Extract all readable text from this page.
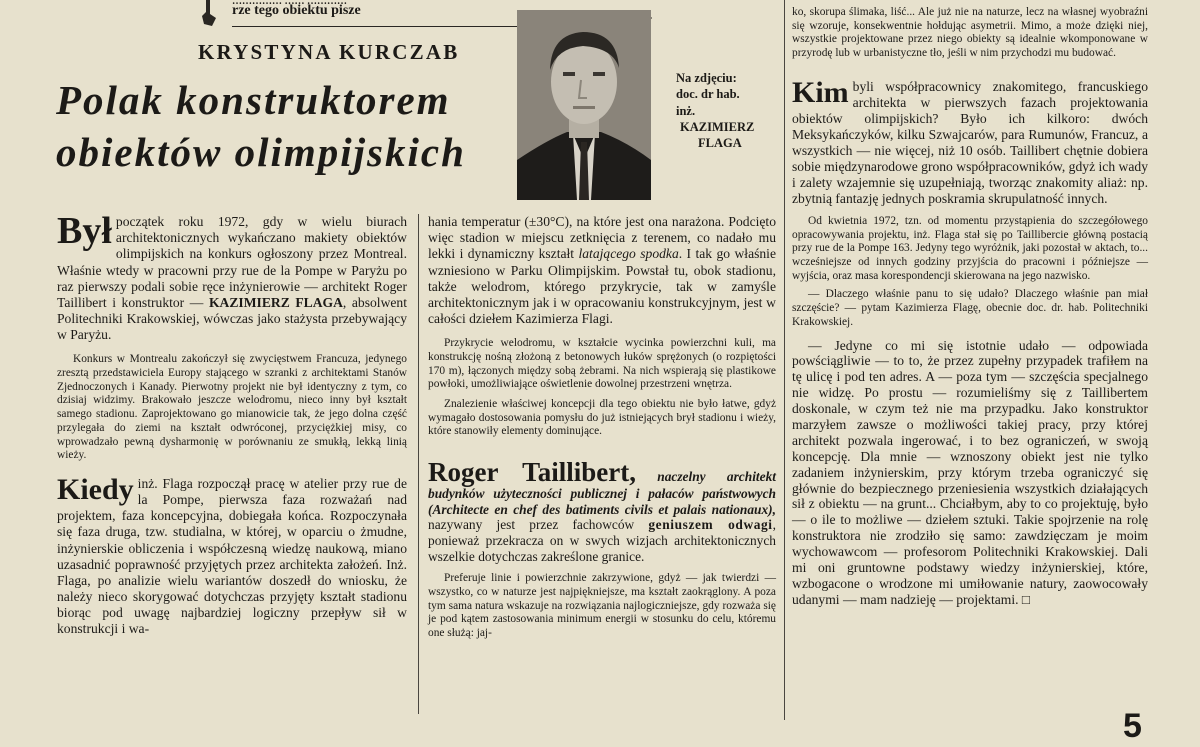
rze tego obiektu pisze
KRYSTYNA KURCZAB
Polak konstruktorem
obiektów olimpijskich
Na zdjęciu:
doc. dr hab.
inż.
KAZIMIERZ
FLAGA

Był początek roku 1972, gdy w wielu biurach architektonicznych wykańczano makiety obiektów olimpijskich na konkurs ogłoszony przez Montreal. Właśnie wtedy w pracowni przy rue de la Pompe w Paryżu po raz pierwszy podali sobie ręce inżynierowie — architekt Roger Taillibert i konstruktor — KAZIMIERZ FLAGA, absolwent Politechniki Krakowskiej, wówczas jako stażysta przebywający w Paryżu.

Konkurs w Montrealu zakończył się zwycięstwem Francuza, jedynego zresztą przedstawiciela Europy stającego w szranki z architektami Stanów Zjednoczonych i Kanady. Pierwotny projekt nie był identyczny z tym, co dzisiaj widzimy. Brakowało jeszcze welodromu, nieco inny był kształt samego stadionu. Zaprojektowano go mianowicie tak, że jego dolna część przylegała do ziemi na kształt odwróconej, przyciężkiej misy, co wprowadzało pewną dysharmonię w porównaniu ze smukłą, lekką linią wieży.

Kiedy inż. Flaga rozpoczął pracę w atelier przy rue de la Pompe, pierwsza faza rozważań nad projektem, faza koncepcyjna, dobiegała końca. Rozpoczynała się faza druga, tzw. studialna, w której, w oparciu o żmudne, inżynierskie obliczenia i współczesną wiedzę naukową, miano uzasadnić poprawność przyjętych przez architekta założeń. Inż. Flaga, po analizie wielu wariantów doszedł do wniosku, że należy nieco skorygować dotychczas przyjęty kształt stadionu biorąc pod uwagę najbardziej logiczny przepływ sił w konstrukcji i wa-

hania temperatur (±30°C), na które jest ona narażona. Podcięto więc stadion w miejscu zetknięcia z terenem, co nadało mu lekki i dynamiczny kształt latającego spodka. I tak go właśnie wzniesiono w Parku Olimpijskim. Powstał tu, obok stadionu, także welodrom, którego przykrycie, tak w zamyśle architektonicznym jak i w opracowaniu konstrukcyjnym, jest w całości dziełem Kazimierza Flagi.

Przykrycie welodromu, w kształcie wycinka powierzchni kuli, ma konstrukcję nośną złożoną z betonowych łuków sprężonych (o rozpiętości 170 m), łączonych między sobą żebrami. Na nich wspierają się plastikowe powłoki, umożliwiające oświetlenie dowolnej przestrzeni wnętrza.

Znalezienie właściwej koncepcji dla tego obiektu nie było łatwe, gdyż wymagało dostosowania pomysłu do już istniejących brył stadionu i wieży, które stanowiły elementy dominujące.

Roger Taillibert, naczelny architekt budynków użyteczności publicznej i pałaców państwowych (Architecte en chef des batiments civils et palais nationaux), nazywany jest przez fachowców geniuszem odwagi, ponieważ przekracza on w swych wizjach architektonicznych wszelkie dotychczas zakreślone granice.

Preferuje linie i powierzchnie zakrzywione, gdyż — jak twierdzi — wszystko, co w naturze jest najpiękniejsze, ma kształt zaokrąglony. A poza tym sama natura wskazuje na rozwiązania najlogiczniejsze, gdy rozważa się je pod kątem zastosowania minimum energii w stosunku do celu, któremu one służą: jaj-

ko, skorupa ślimaka, liść... Ale już nie na naturze, lecz na własnej wyobraźni się wzoruje, konsekwentnie hołdując asymetrii. Mimo, a może dzięki niej, wszystkie projektowane przez niego obiekty są idealnie wkomponowane w przyrodę lub w urbanistyczne tło, jeśli w nim przychodzi mu budować.

Kim byli współpracownicy znakomitego, francuskiego architekta w pierwszych fazach projektowania obiektów olimpijskich? Było ich kilkoro: dwóch Meksykańczyków, kilku Szwajcarów, para Rumunów, Francuz, a wszystkich — nie więcej, niż 10 osób. Taillibert chętnie dobiera sobie międzynarodowe grono współpracowników, gdyż ich wady i zalety wzajemnie się uzupełniają, tworząc znakomity aliaż: np. zbytnią fantazję jednych poskramia skrupulatność innych.

Od kwietnia 1972, tzn. od momentu przystąpienia do szczegółowego opracowywania projektu, inż. Flaga stał się po Taillibercie główną postacią przy rue de la Pompe 163. Jedyny tego wyróżnik, jaki pozostał w aktach, to... wcześniejsze od innych godziny przyjścia do pracowni i późniejsze — wyjścia, oraz masa korespondencji skierowana na jego nazwisko.

— Dlaczego właśnie panu to się udało? Dlaczego właśnie pan miał szczęście? — pytam Kazimierza Flagę, obecnie doc. dr. hab. Politechniki Krakowskiej.

— Jedyne co mi się istotnie udało — odpowiada powściągliwie — to to, że przez zupełny przypadek trafiłem na tę ulicę i pod ten adres. A — poza tym — szczęścia specjalnego nie widzę. Po prostu — rozumieliśmy się z Taillibertem doskonale, w czym też nie ma przypadku. Jako konstruktor marzyłem zawsze o możliwości takiej pracy, przy której architekt pozwala ingerować, i to bez ograniczeń, w swoją koncepcję. Dla mnie — wznoszony obiekt jest nie tylko zadaniem inżynierskim, przy którym trzeba ograniczyć się głównie do bezpiecznego przeniesienia wszystkich działających sił z obiektu — na grunt... Chciałbym, aby to co projektuję, było — o ile to możliwe — dziełem sztuki. Takie spojrzenie na rolę konstruktora nie zrodziło się samo: zawdzięczam je moim wychowawcom — profesorom Politechniki Krakowskiej. Dali mi oni gruntowne podstawy wiedzy inżynierskiej, które, wzbogacone o wrodzone mi umiłowanie natury, zaowocowały udanymi — mam nadzieję — projektami. □

5
